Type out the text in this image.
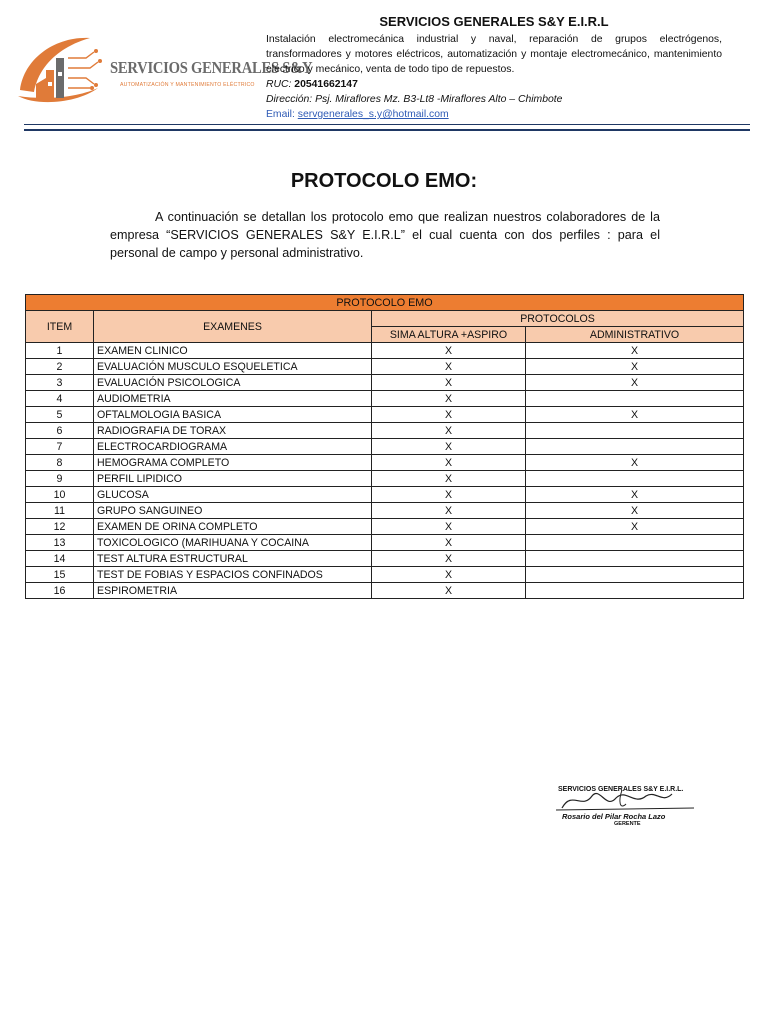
SERVICIOS GENERALES S&Y
AUTOMATIZACIÓN Y MANTENIMIENTO ELÉCTRICO
SERVICIOS GENERALES S&Y E.I.R.L
Instalación electromecánica industrial y naval, reparación de grupos electrógenos, transformadores y motores eléctricos, automatización y montaje electromecánico, mantenimiento eléctrico y mecánico, venta de todo tipo de repuestos.
RUC: 20541662147
Dirección: Psj. Miraflores Mz. B3-Lt8 -Miraflores Alto – Chimbote
Email: servgenerales_s.y@hotmail.com
PROTOCOLO EMO:
A continuación se detallan los protocolo emo que realizan nuestros colaboradores de la empresa “SERVICIOS GENERALES S&Y E.I.R.L” el cual cuenta con dos perfiles : para el personal de campo y personal administrativo.
PROTOCOLO EMO			
ITEM	EXAMENES	PROTOCOLOS	
		SIMA ALTURA +ASPIRO	ADMINISTRATIVO
1	EXAMEN CLINICO	X	X
2	EVALUACIÓN MUSCULO ESQUELETICA	X	X
3	EVALUACIÓN PSICOLOGICA	X	X
4	AUDIOMETRIA	X	
5	OFTALMOLOGIA BASICA	X	X
6	RADIOGRAFIA DE TORAX	X	
7	ELECTROCARDIOGRAMA	X	
8	HEMOGRAMA COMPLETO	X	X
9	PERFIL LIPIDICO	X	
10	GLUCOSA	X	X
11	GRUPO SANGUINEO	X	X
12	EXAMEN DE ORINA COMPLETO	X	X
13	TOXICOLOGICO (MARIHUANA Y COCAINA	X	
14	TEST ALTURA ESTRUCTURAL	X	
15	TEST DE FOBIAS Y ESPACIOS CONFINADOS	X	
16	ESPIROMETRIA	X	
SERVICIOS GENERALES S&Y E.I.R.L.
Rosario del Pilar Rocha Lazo
GERENTE
